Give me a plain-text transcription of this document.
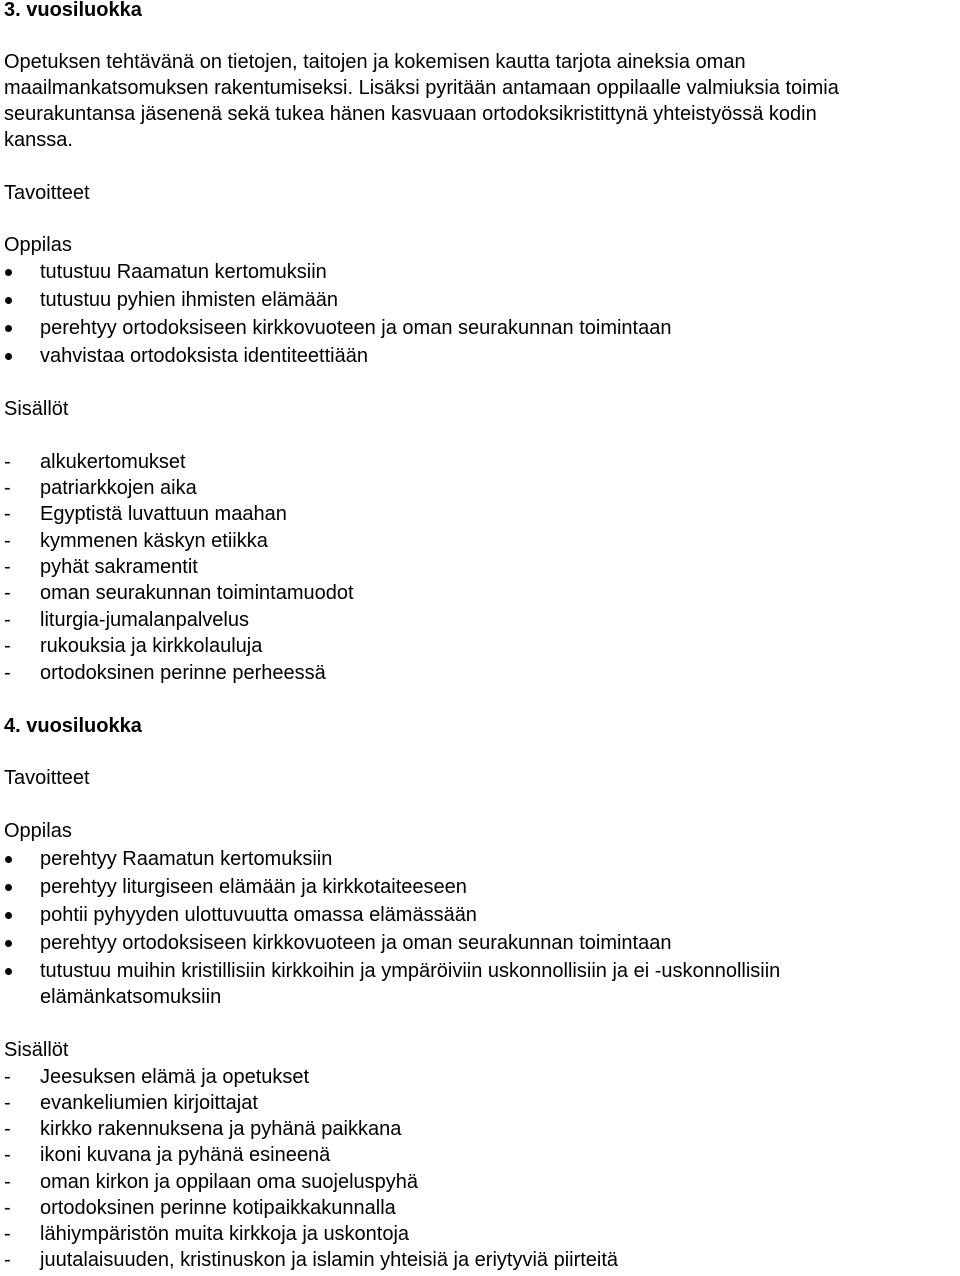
3. vuosiluokka
Opetuksen tehtävänä on tietojen, taitojen ja kokemisen kautta tarjota aineksia oman
maailmankatsomuksen rakentumiseksi. Lisäksi pyritään antamaan oppilaalle valmiuksia toimia
seurakuntansa jäsenenä sekä tukea hänen kasvuaan ortodoksikristittynä yhteistyössä kodin
kanssa.
Tavoitteet
Oppilas
tutustuu Raamatun kertomuksiin
tutustuu pyhien ihmisten elämään
perehtyy ortodoksiseen kirkkovuoteen ja oman seurakunnan toimintaan
vahvistaa ortodoksista identiteettiään
Sisällöt
- alkukertomukset
- patriarkkojen aika
- Egyptistä luvattuun maahan
- kymmenen käskyn etiikka
- pyhät sakramentit
- oman seurakunnan toimintamuodot
- liturgia-jumalanpalvelus
- rukouksia ja kirkkolauluja
- ortodoksinen perinne perheessä
4. vuosiluokka
Tavoitteet
Oppilas
perehtyy Raamatun kertomuksiin
perehtyy liturgiseen elämään ja kirkkotaiteeseen
pohtii pyhyyden ulottuvuutta omassa elämässään
perehtyy ortodoksiseen kirkkovuoteen ja oman seurakunnan toimintaan
tutustuu muihin kristillisiin kirkkoihin ja ympäröiviin uskonnollisiin ja ei -uskonnollisiin
elämänkatsomuksiin
Sisällöt
- Jeesuksen elämä ja opetukset
- evankeliumien kirjoittajat
- kirkko rakennuksena ja pyhänä paikkana
- ikoni kuvana ja pyhänä esineenä
- oman kirkon ja oppilaan oma suojeluspyhä
- ortodoksinen perinne kotipaikkakunnalla
- lähiympäristön muita kirkkoja ja uskontoja
- juutalaisuuden, kristinuskon ja islamin yhteisiä ja eriytyviä piirteitä
